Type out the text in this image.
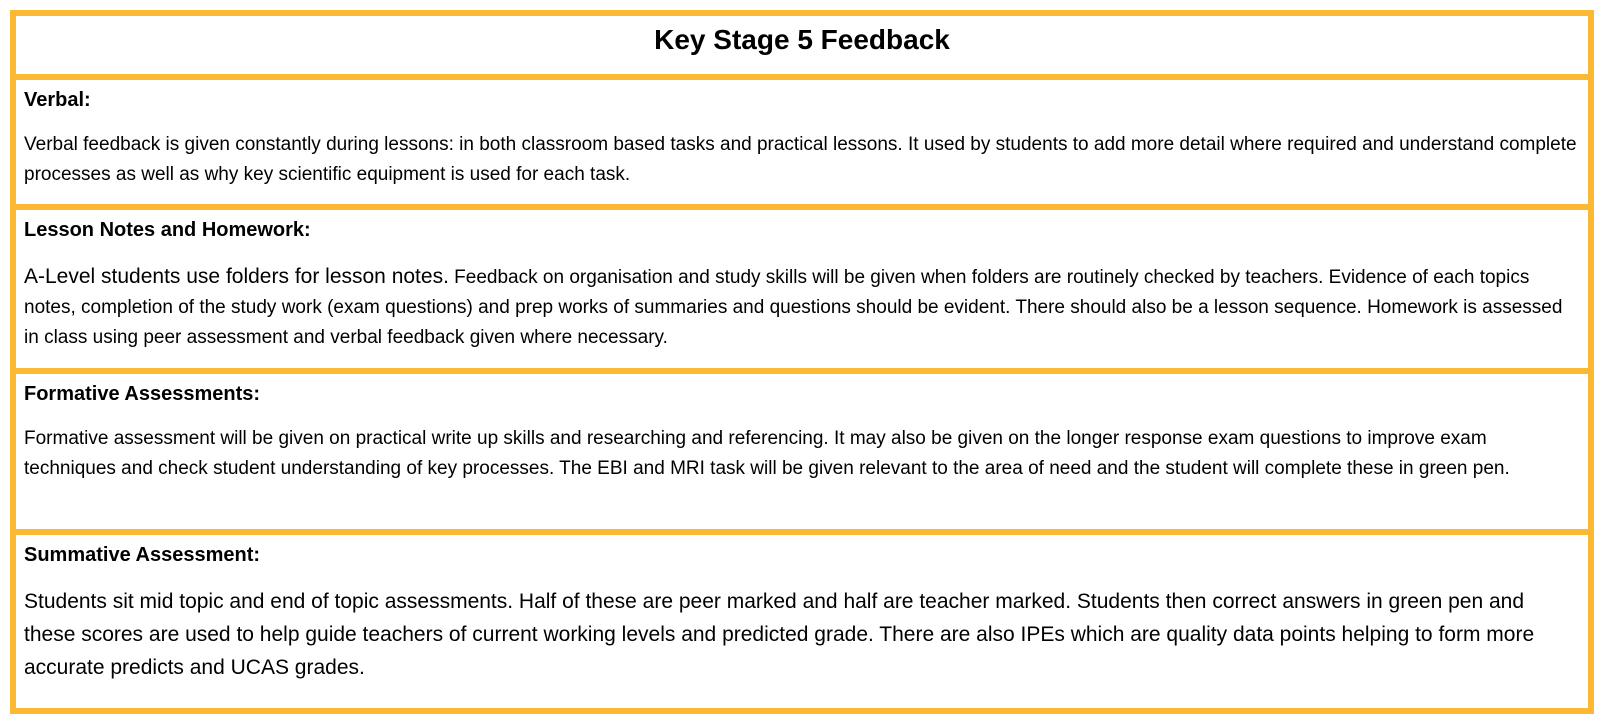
Key Stage 5 Feedback

Verbal:

Verbal feedback is given constantly during lessons: in both classroom based tasks and practical lessons. It used by students to add more detail where required and understand complete processes as well as why key scientific equipment is used for each task.

Lesson Notes and Homework:

A-Level students use folders for lesson notes. Feedback on organisation and study skills will be given when folders are routinely checked by teachers. Evidence of each topics notes, completion of the study work (exam questions) and prep works of summaries and questions should be evident. There should also be a lesson sequence. Homework is assessed in class using peer assessment and verbal feedback given where necessary.

Formative Assessments:

Formative assessment will be given on practical write up skills and researching and referencing. It may also be given on the longer response exam questions to improve exam techniques and check student understanding of key processes. The EBI and MRI task will be given relevant to the area of need and the student will complete these in green pen.

Summative Assessment:

Students sit mid topic and end of topic assessments. Half of these are peer marked and half are teacher marked. Students then correct answers in green pen and these scores are used to help guide teachers of current working levels and predicted grade. There are also IPEs which are quality data points helping to form more accurate predicts and UCAS grades.
